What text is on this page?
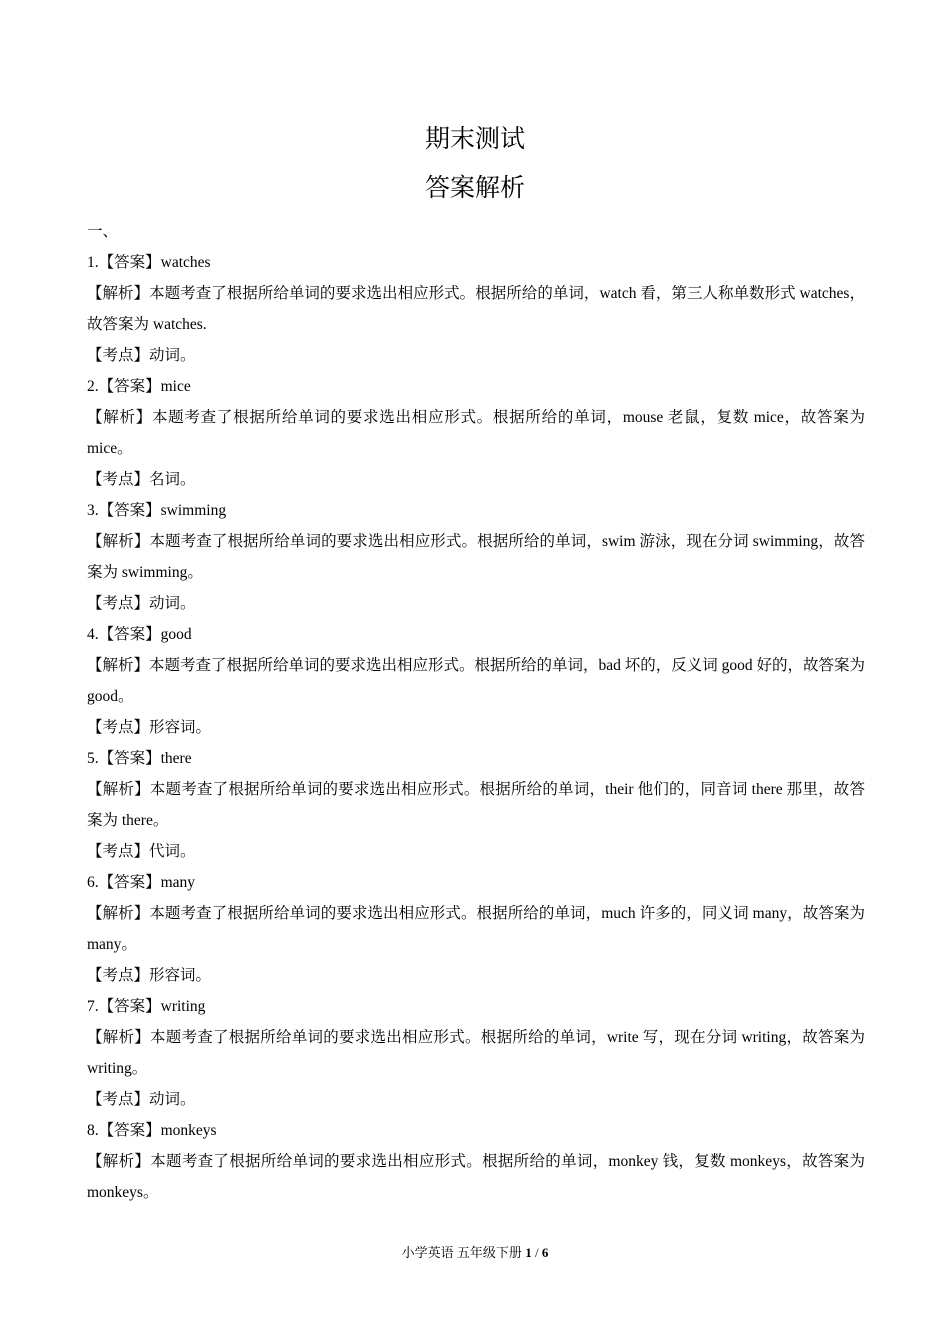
期末测试
答案解析
一、
1.【答案】watches
【解析】本题考查了根据所给单词的要求选出相应形式。根据所给的单词，watch 看，第三人称单数形式 watches，故答案为 watches.
【考点】动词。
2.【答案】mice
【解析】本题考查了根据所给单词的要求选出相应形式。根据所给的单词，mouse 老鼠，复数 mice，故答案为 mice。
【考点】名词。
3.【答案】swimming
【解析】本题考查了根据所给单词的要求选出相应形式。根据所给的单词，swim 游泳，现在分词 swimming，故答案为 swimming。
【考点】动词。
4.【答案】good
【解析】本题考查了根据所给单词的要求选出相应形式。根据所给的单词，bad 坏的，反义词 good 好的，故答案为 good。
【考点】形容词。
5.【答案】there
【解析】本题考查了根据所给单词的要求选出相应形式。根据所给的单词，their 他们的，同音词 there 那里，故答案为 there。
【考点】代词。
6.【答案】many
【解析】本题考查了根据所给单词的要求选出相应形式。根据所给的单词，much 许多的，同义词 many，故答案为 many。
【考点】形容词。
7.【答案】writing
【解析】本题考查了根据所给单词的要求选出相应形式。根据所给的单词，write 写，现在分词 writing，故答案为 writing。
【考点】动词。
8.【答案】monkeys
【解析】本题考查了根据所给单词的要求选出相应形式。根据所给的单词，monkey 钱，复数 monkeys，故答案为 monkeys。
小学英语 五年级下册 1 / 6
